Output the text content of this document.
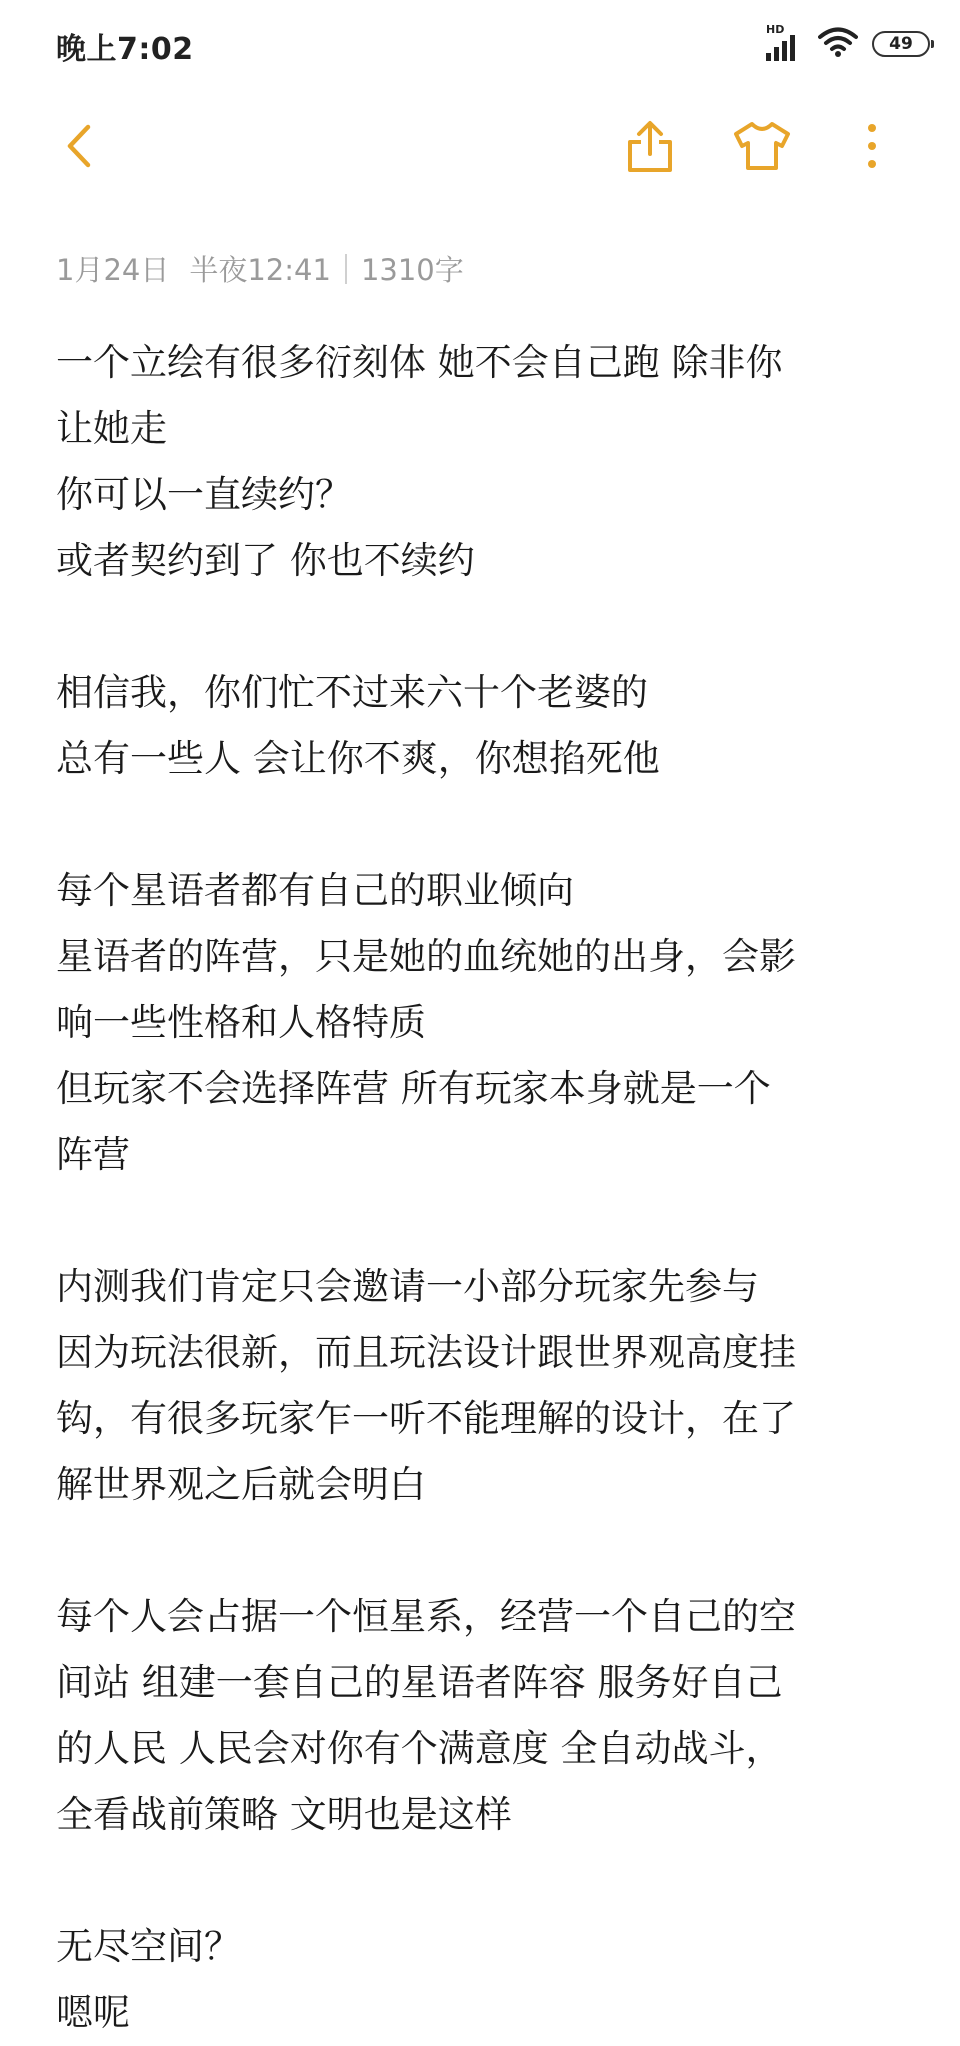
晚上7:02
HD
49
1月24日 半夜12:41 1310字
一个立绘有很多衍刻体 她不会自己跑 除非你
让她走
你可以一直续约？
或者契约到了 你也不续约
相信我，你们忙不过来六十个老婆的
总有一些人 会让你不爽，你想掐死他
每个星语者都有自己的职业倾向
星语者的阵营，只是她的血统她的出身，会影
响一些性格和人格特质
但玩家不会选择阵营 所有玩家本身就是一个
阵营
内测我们肯定只会邀请一小部分玩家先参与
因为玩法很新，而且玩法设计跟世界观高度挂
钩，有很多玩家乍一听不能理解的设计，在了
解世界观之后就会明白
每个人会占据一个恒星系，经营一个自己的空
间站 组建一套自己的星语者阵容 服务好自己
的人民 人民会对你有个满意度 全自动战斗，
全看战前策略 文明也是这样
无尽空间？
嗯呢
